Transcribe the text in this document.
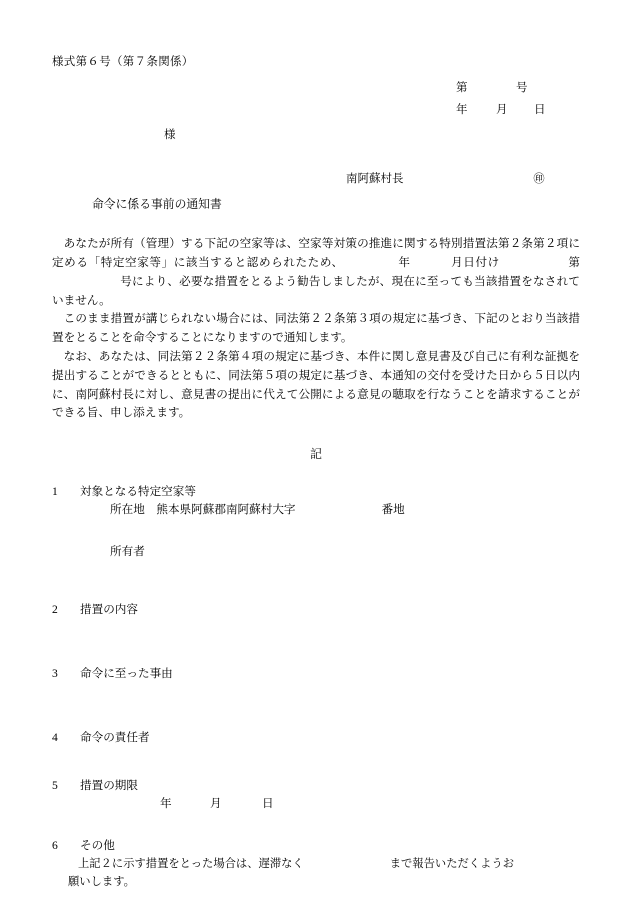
様式第６号（第７条関係）
第	号
年	月	日
様
南阿蘇村長	㊞
命令に係る事前の通知書

あなたが所有（管理）する下記の空家等は、空家等対策の推進に関する特別措置法第２条第２項に定める「特定空家等」に該当すると認められたため、	年	月日付け	第号により、必要な措置をとるよう勧告しましたが、現在に至っても当該措置をなされていません。

このまま措置が講じられない場合には、同法第２２条第３項の規定に基づき、下記のとおり当該措置をとることを命令することになりますので通知します。

なお、あなたは、同法第２２条第４項の規定に基づき、本件に関し意見書及び自己に有利な証拠を提出することができるとともに、同法第５項の規定に基づき、本通知の交付を受けた日から５日以内に、南阿蘇村長に対し、意見書の提出に代えて公開による意見の聴取を行なうことを請求することができる旨、申し添えます。

記
1	対象となる特定空家等
所在地　熊本県阿蘇郡南阿蘇村大字	番地
所有者
2	措置の内容
3	命令に至った事由
4	命令の責任者
5	措置の期限
年	月	日
6	その他
上記２に示す措置をとった場合は、遅滞なく	まで報告いただくようお
願いします。
